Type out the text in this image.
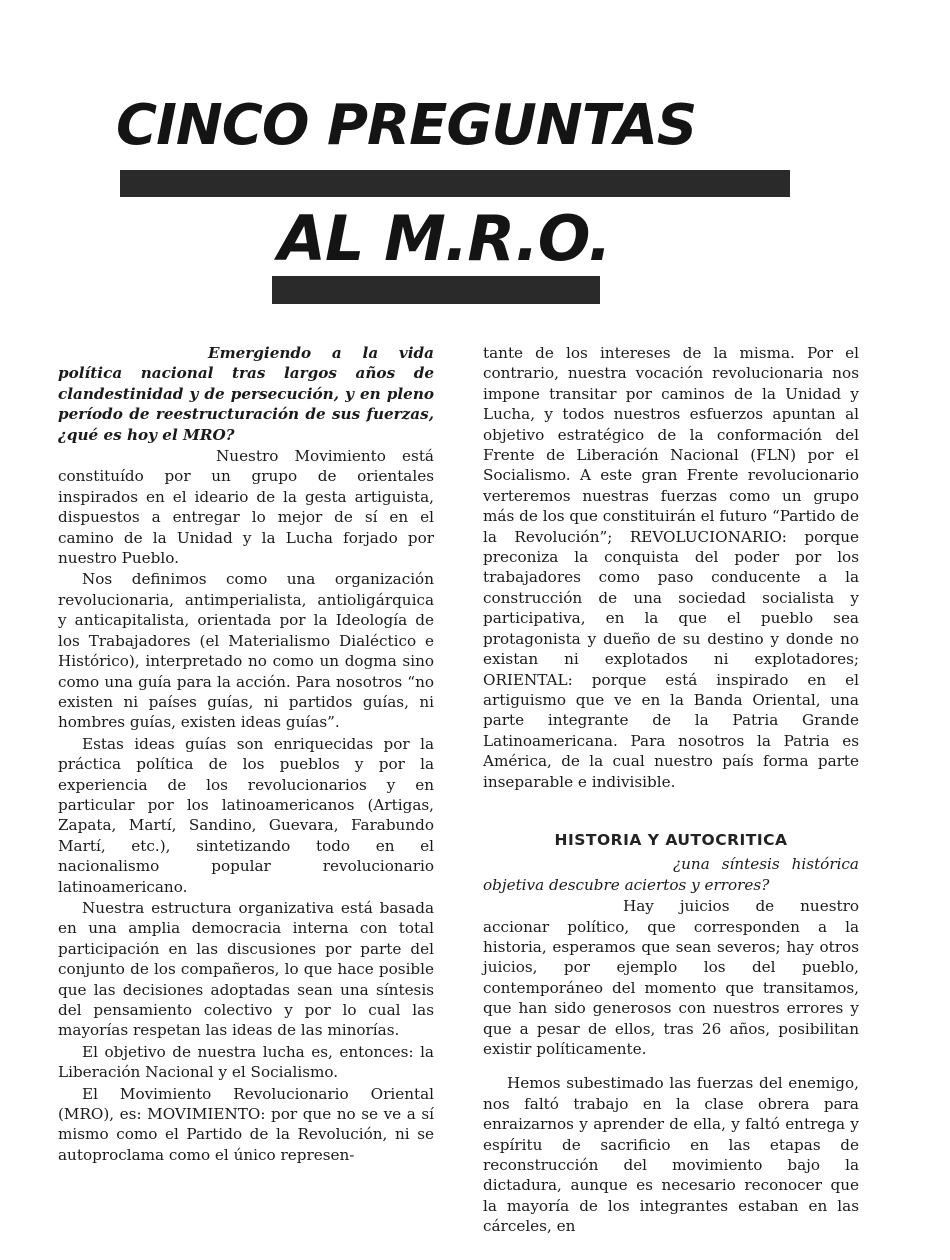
CINCO PREGUNTAS
AL M.R.O.

Emergiendo a la vida política nacional tras largos años de clandestinidad y de persecución, y en pleno período de reestructuración de sus fuerzas, ¿qué es hoy el MRO?

Nuestro Movimiento está constituído por un grupo de orientales inspirados en el ideario de la gesta artiguista, dispuestos a entregar lo mejor de sí en el camino de la Unidad y la Lucha forjado por nuestro Pueblo.

Nos definimos como una organización revolucionaria, antimperialista, antioligárquica y anticapitalista, orientada por la Ideología de los Trabajadores (el Materialismo Dialéctico e Histórico), interpretado no como un dogma sino como una guía para la acción. Para nosotros “no existen ni países guías, ni partidos guías, ni hombres guías, existen ideas guías”.

Estas ideas guías son enriquecidas por la práctica política de los pueblos y por la experiencia de los revolucionarios y en particular por los latinoamericanos (Artigas, Zapata, Martí, Sandino, Guevara, Farabundo Martí, etc.), sintetizando todo en el nacionalismo popular revolucionario latinoamericano.

Nuestra estructura organizativa está basada en una amplia democracia interna con total participación en las discusiones por parte del conjunto de los compañeros, lo que hace posible que las decisiones adoptadas sean una síntesis del pensamiento colectivo y por lo cual las mayorías respetan las ideas de las minorías.

El objetivo de nuestra lucha es, entonces: la Liberación Nacional y el Socialismo.

El Movimiento Revolucionario Oriental (MRO), es: MOVIMIENTO: por que no se ve a sí mismo como el Partido de la Revolución, ni se autoproclama como el único represen-

tante de los intereses de la misma. Por el contrario, nuestra vocación revolucionaria nos impone transitar por caminos de la Unidad y Lucha, y todos nuestros esfuerzos apuntan al objetivo estratégico de la conformación del Frente de Liberación Nacional (FLN) por el Socialismo. A este gran Frente revolucionario verteremos nuestras fuerzas como un grupo más de los que constituirán el futuro “Partido de la Revolución”; REVOLUCIONARIO: porque preconiza la conquista del poder por los trabajadores como paso conducente a la construcción de una sociedad socialista y participativa, en la que el pueblo sea protagonista y dueño de su destino y donde no existan ni explotados ni explotadores; ORIENTAL: porque está inspirado en el artiguismo que ve en la Banda Oriental, una parte integrante de la Patria Grande Latinoamericana. Para nosotros la Patria es América, de la cual nuestro país forma parte inseparable e indivisible.

HISTORIA Y AUTOCRITICA

¿una síntesis histórica objetiva descubre aciertos y errores?

Hay juicios de nuestro accionar político, que corresponden a la historia, esperamos que sean severos; hay otros juicios, por ejemplo los del pueblo, contemporáneo del momento que transitamos, que han sido generosos con nuestros errores y que a pesar de ellos, tras 26 años, posibilitan existir políticamente.

Hemos subestimado las fuerzas del enemigo, nos faltó trabajo en la clase obrera para enraizarnos y aprender de ella, y faltó entrega y espíritu de sacrificio en las etapas de reconstrucción del movimiento bajo la dictadura, aunque es necesario reconocer que la mayoría de los integrantes estaban en las cárceles, en
